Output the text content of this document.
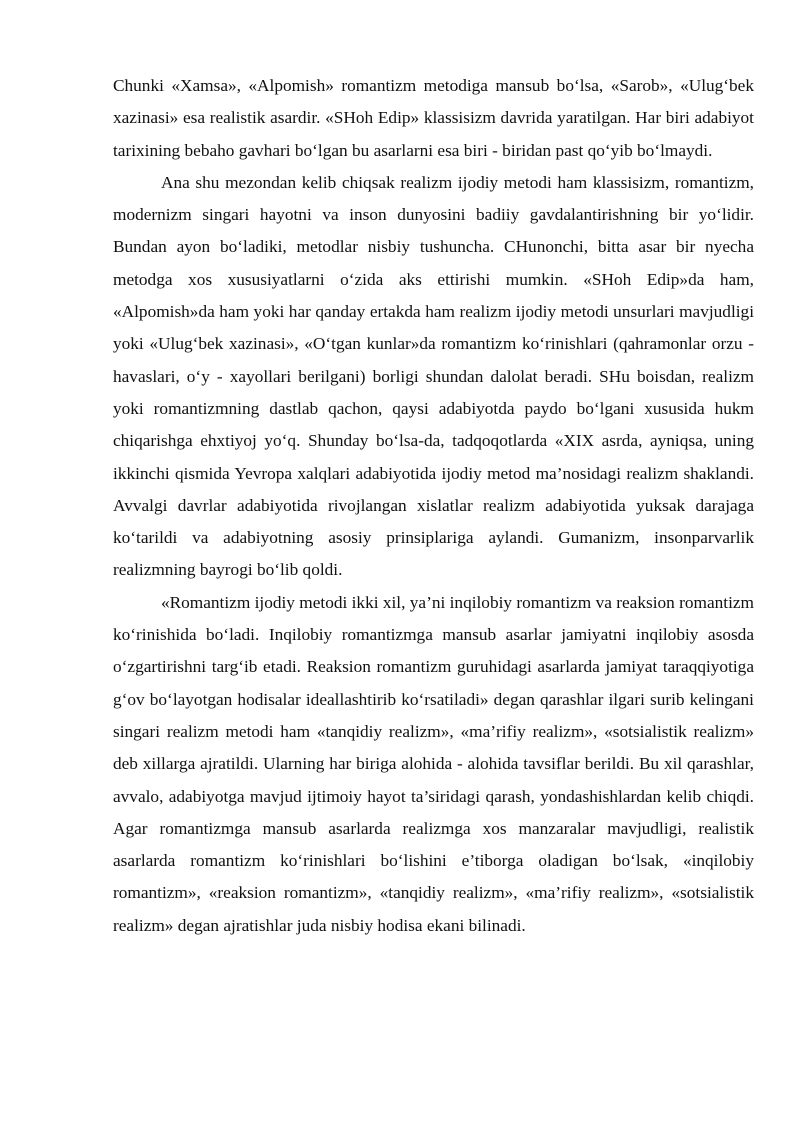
Chunki «Xamsa», «Alpomish» romantizm metodiga mansub bo‘lsa, «Sarob», «Ulug‘bek xazinasi» esa realistik asardir. «SHoh Edip» klassisizm davrida yaratilgan. Har biri adabiyot tarixining bebaho gavhari bo‘lgan bu asarlarni esa biri - biridan past qo‘yib bo‘lmaydi.

Ana shu mezondan kelib chiqsak realizm ijodiy metodi ham klassisizm, romantizm, modernizm singari hayotni va inson dunyosini badiiy gavdalantirishning bir yo‘lidir. Bundan ayon bo‘ladiki, metodlar nisbiy tushuncha. CHunonchi, bitta asar bir nyecha metodga xos xususiyatlarni o‘zida aks ettirishi mumkin. «SHoh Edip»da ham, «Alpomish»da ham yoki har qanday ertakda ham realizm ijodiy metodi unsurlari mavjudligi yoki «Ulug‘bek xazinasi», «O‘tgan kunlar»da romantizm ko‘rinishlari (qahramonlar orzu - havaslari, o‘y - xayollari berilgani) borligi shundan dalolat beradi. SHu boisdan, realizm yoki romantizmning dastlab qachon, qaysi adabiyotda paydo bo‘lgani xususida hukm chiqarishga ehxtiyoj yo‘q. Shunday bo‘lsa-da, tadqoqotlarda «XIX asrda, ayniqsa, uning ikkinchi qismida Yevropa xalqlari adabiyotida ijodiy metod ma’nosidagi realizm shaklandi. Avvalgi davrlar adabiyotida rivojlangan xislatlar realizm adabiyotida yuksak darajaga ko‘tarildi va adabiyotning asosiy prinsiplariga aylandi. Gumanizm, insonparvarlik realizmning bayrogi bo‘lib qoldi.

«Romantizm ijodiy metodi ikki xil, ya’ni inqilobiy romantizm va reaksion romantizm ko‘rinishida bo‘ladi. Inqilobiy romantizmga mansub asarlar jamiyatni inqilobiy asosda o‘zgartirishni targ‘ib etadi. Reaksion romantizm guruhidagi asarlarda jamiyat taraqqiyotiga g‘ov bo‘layotgan hodisalar ideallashtirib ko‘rsatiladi» degan qarashlar ilgari surib kelingani singari realizm metodi ham «tanqidiy realizm», «ma’rifiy realizm», «sotsialistik realizm» deb xillarga ajratildi. Ularning har biriga alohida - alohida tavsiflar berildi. Bu xil qarashlar, avvalo, adabiyotga mavjud ijtimoiy hayot ta’siridagi qarash, yondashishlardan kelib chiqdi. Agar romantizmga mansub asarlarda realizmga xos manzaralar mavjudligi, realistik asarlarda romantizm ko‘rinishlari bo‘lishini e’tiborga oladigan bo‘lsak, «inqilobiy romantizm», «reaksion romantizm», «tanqidiy realizm», «ma’rifiy realizm», «sotsialistik realizm» degan ajratishlar juda nisbiy hodisa ekani bilinadi.
